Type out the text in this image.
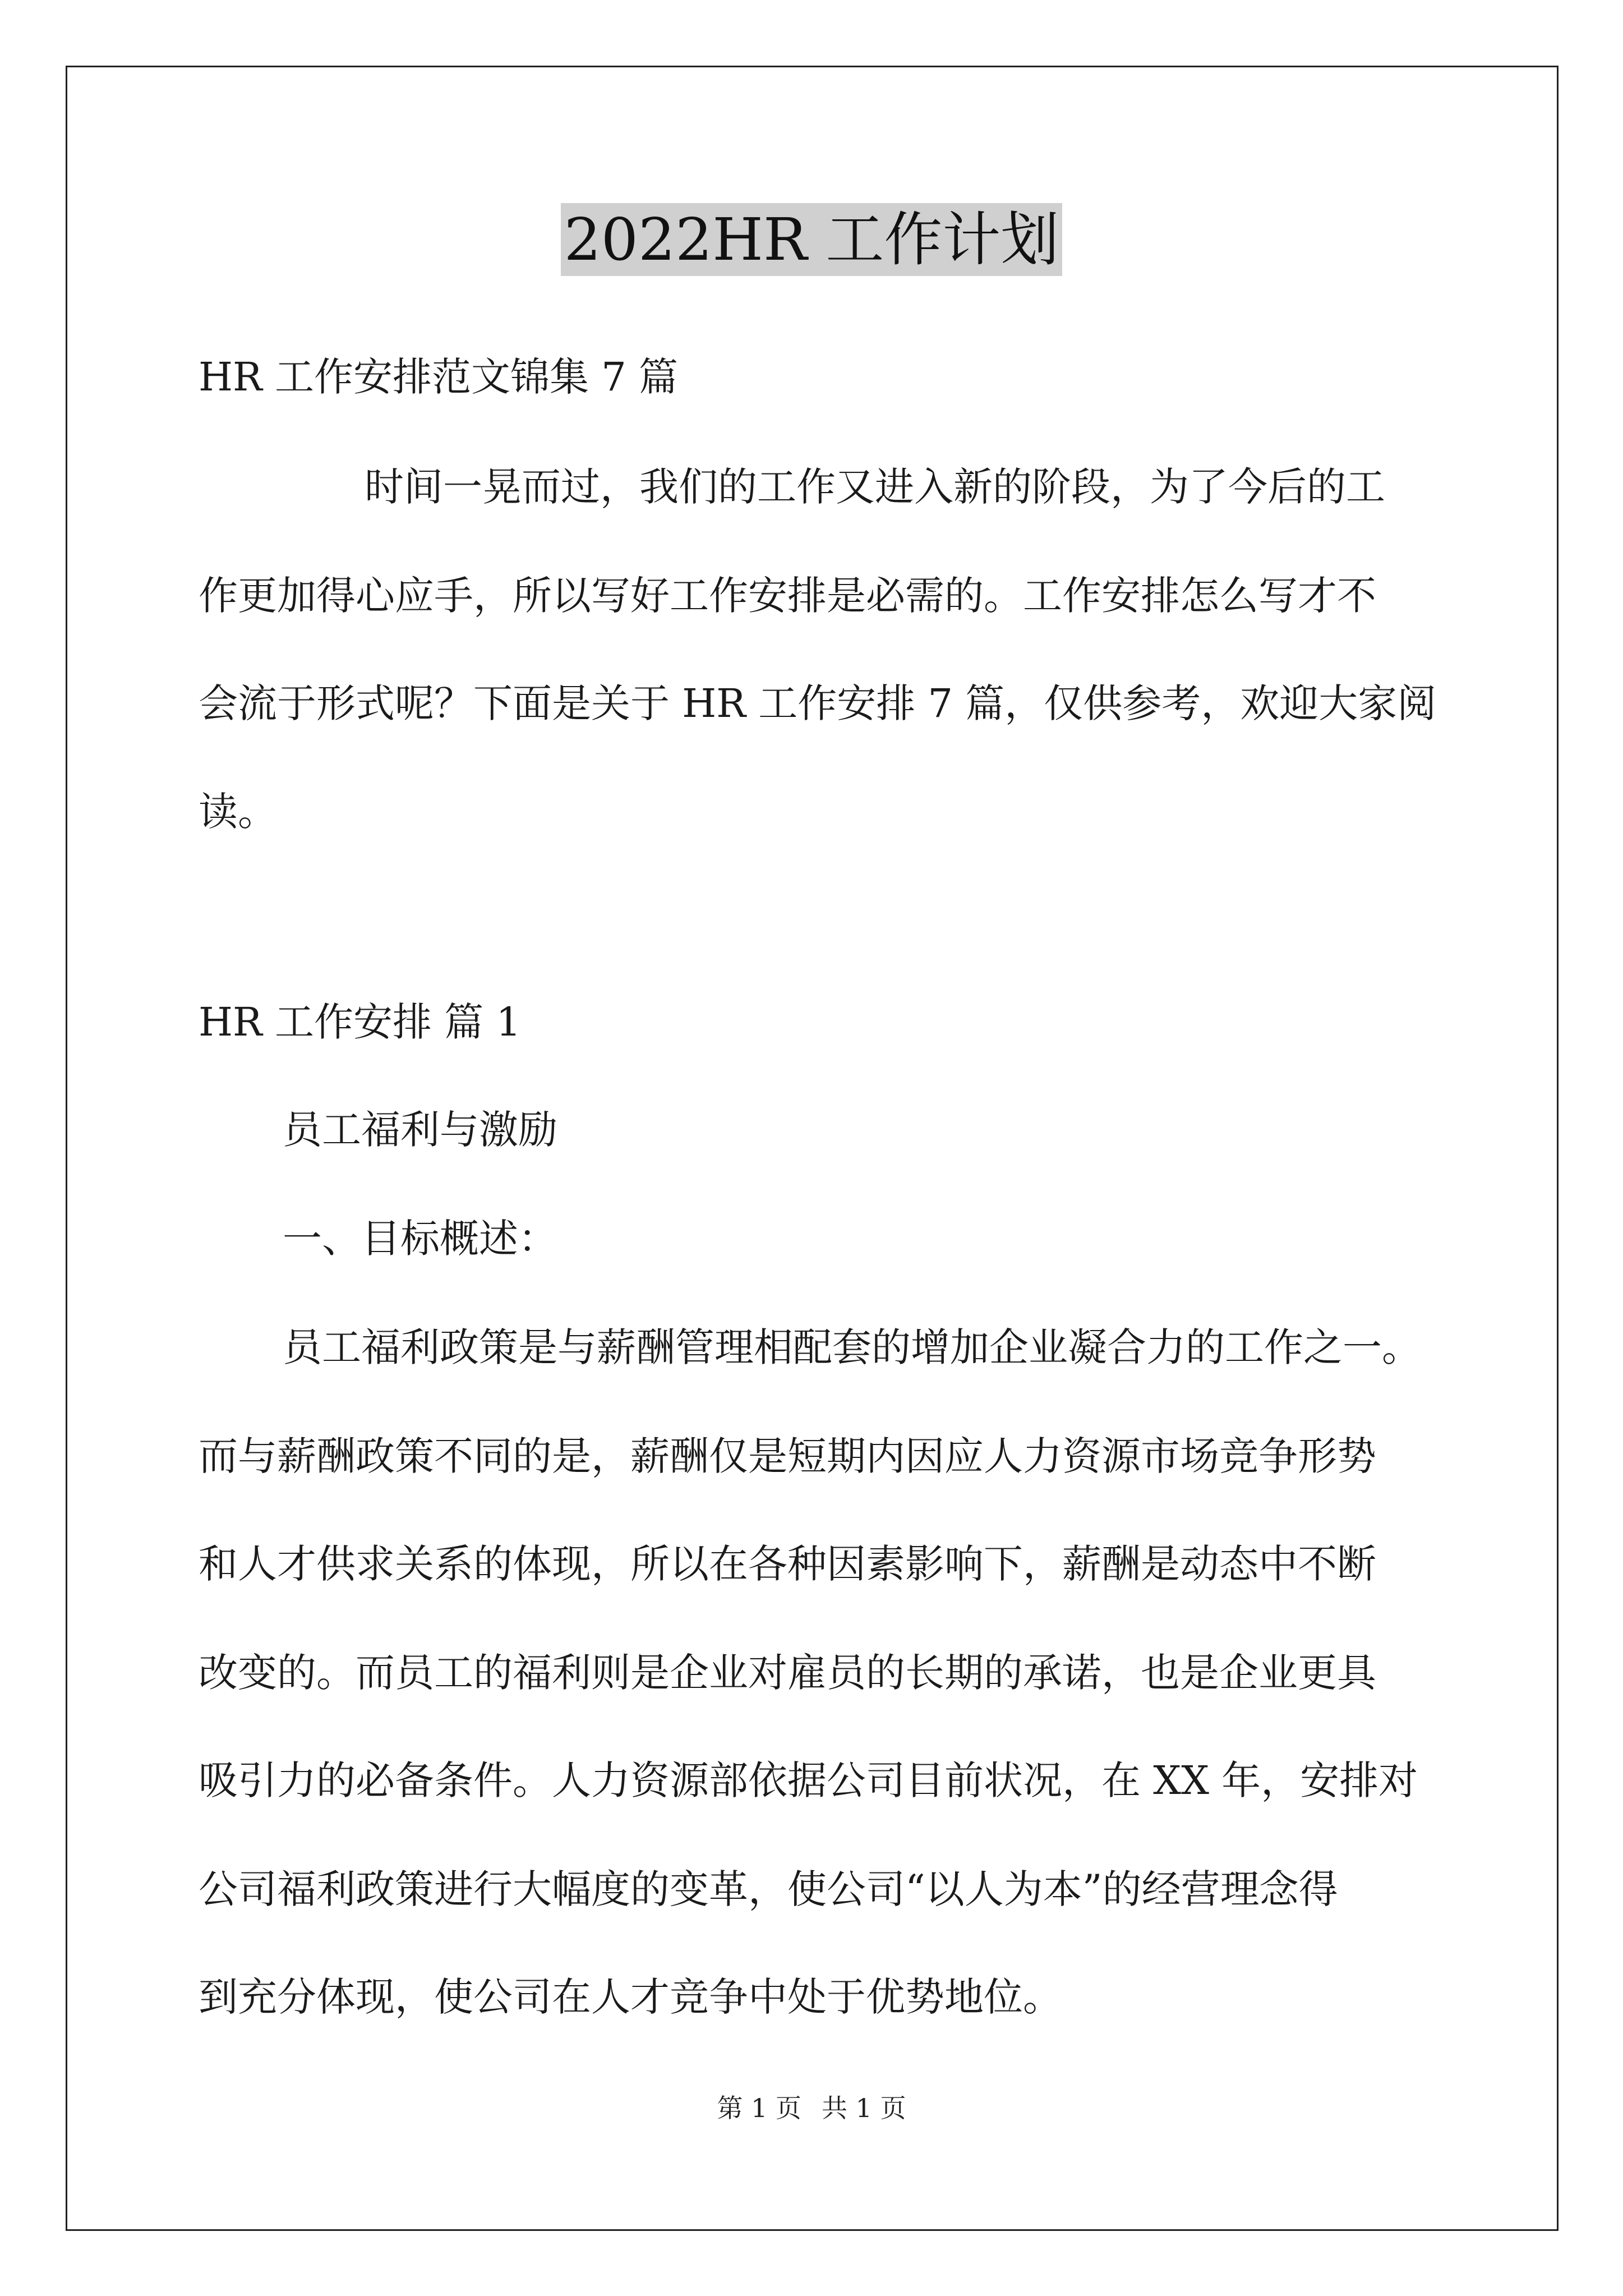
2022HR 工作计划
HR 工作安排范文锦集 7 篇
时间一晃而过，我们的工作又进入新的阶段，为了今后的工
作更加得心应手，所以写好工作安排是必需的。工作安排怎么写才不
会流于形式呢？下面是关于 HR 工作安排 7 篇，仅供参考，欢迎大家阅
读。
HR 工作安排 篇 1
员工福利与激励
一、目标概述：
员工福利政策是与薪酬管理相配套的增加企业凝合力的工作之一。
而与薪酬政策不同的是，薪酬仅是短期内因应人力资源市场竞争形势
和人才供求关系的体现，所以在各种因素影响下，薪酬是动态中不断
改变的。而员工的福利则是企业对雇员的长期的承诺，也是企业更具
吸引力的必备条件。人力资源部依据公司目前状况，在 XX 年，安排对
公司福利政策进行大幅度的变革，使公司“以人为本”的经营理念得
到充分体现，使公司在人才竞争中处于优势地位。
第 1 页 共 1 页
